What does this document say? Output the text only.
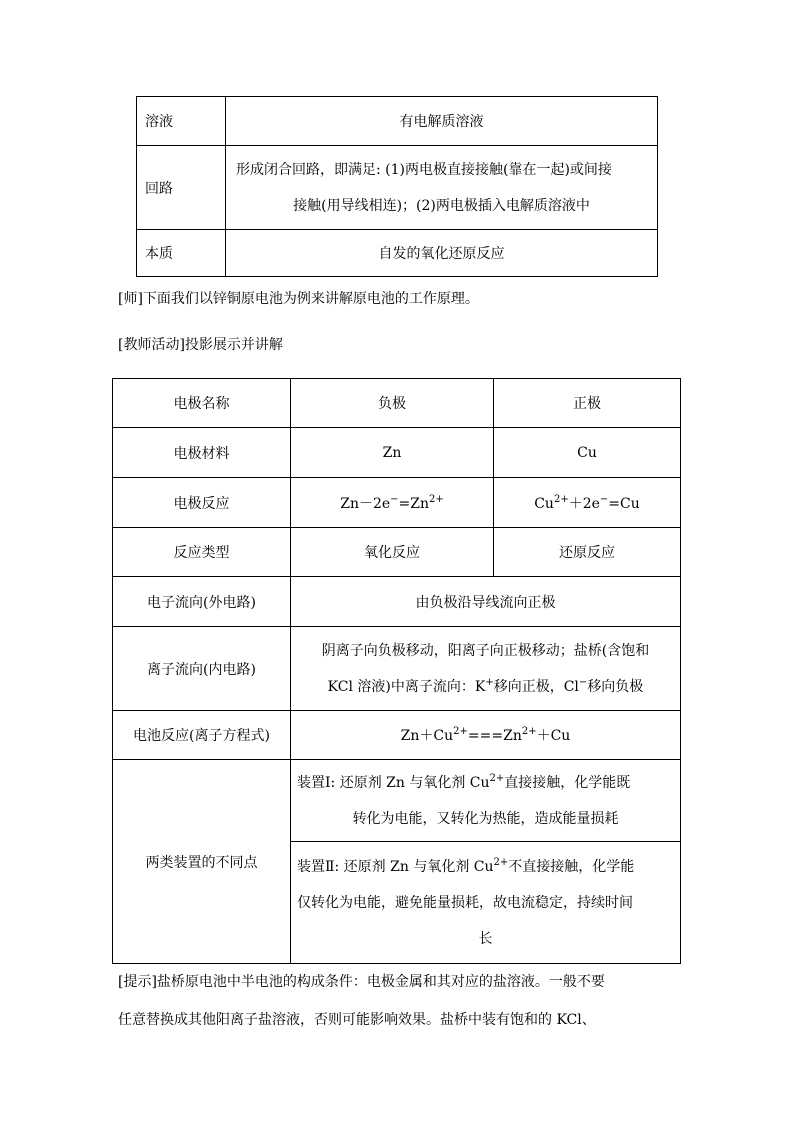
溶液	有电解质溶液
回路	形成闭合回路，即满足: (1)两电极直接接触(靠在一起)或间接
接触(用导线相连)；(2)两电极插入电解质溶液中

本质	自发的氧化还原反应

[师]下面我们以锌铜原电池为例来讲解原电池的工作原理。

[教师活动]投影展示并讲解

电极名称	负极	正极
电极材料	Zn	Cu
电极反应	$Zn-2e^-=Zn^{2+}$	$Cu^{2+}+2e^-=Cu$
反应类型	氧化反应	还原反应
电子流向(外电路)	由负极沿导线流向正极	
离子流向(内电路)	阴离子向负极移动，阳离子向正极移动；盐桥(含饱和
KCl 溶液)中离子流向：K+移向正极，Cl−移向负极	

电池反应(离子方程式)	$Zn+Cu^{2+}===Zn^{2+}+Cu$	
两类装置的不同点	装置Ⅰ: 还原剂 Zn 与氧化剂 $Cu^{2+}$直接接触，化学能既
转化为电能，又转化为热能，造成能量损耗	

	装置Ⅱ: 还原剂 Zn 与氧化剂 $Cu^{2+}$不直接接触，化学能
仅转化为电能，避免能量损耗，故电流稳定，持续时间
长	

[提示]盐桥原电池中半电池的构成条件：电极金属和其对应的盐溶液。一般不要

任意替换成其他阳离子盐溶液，否则可能影响效果。盐桥中装有饱和的 KCl、
